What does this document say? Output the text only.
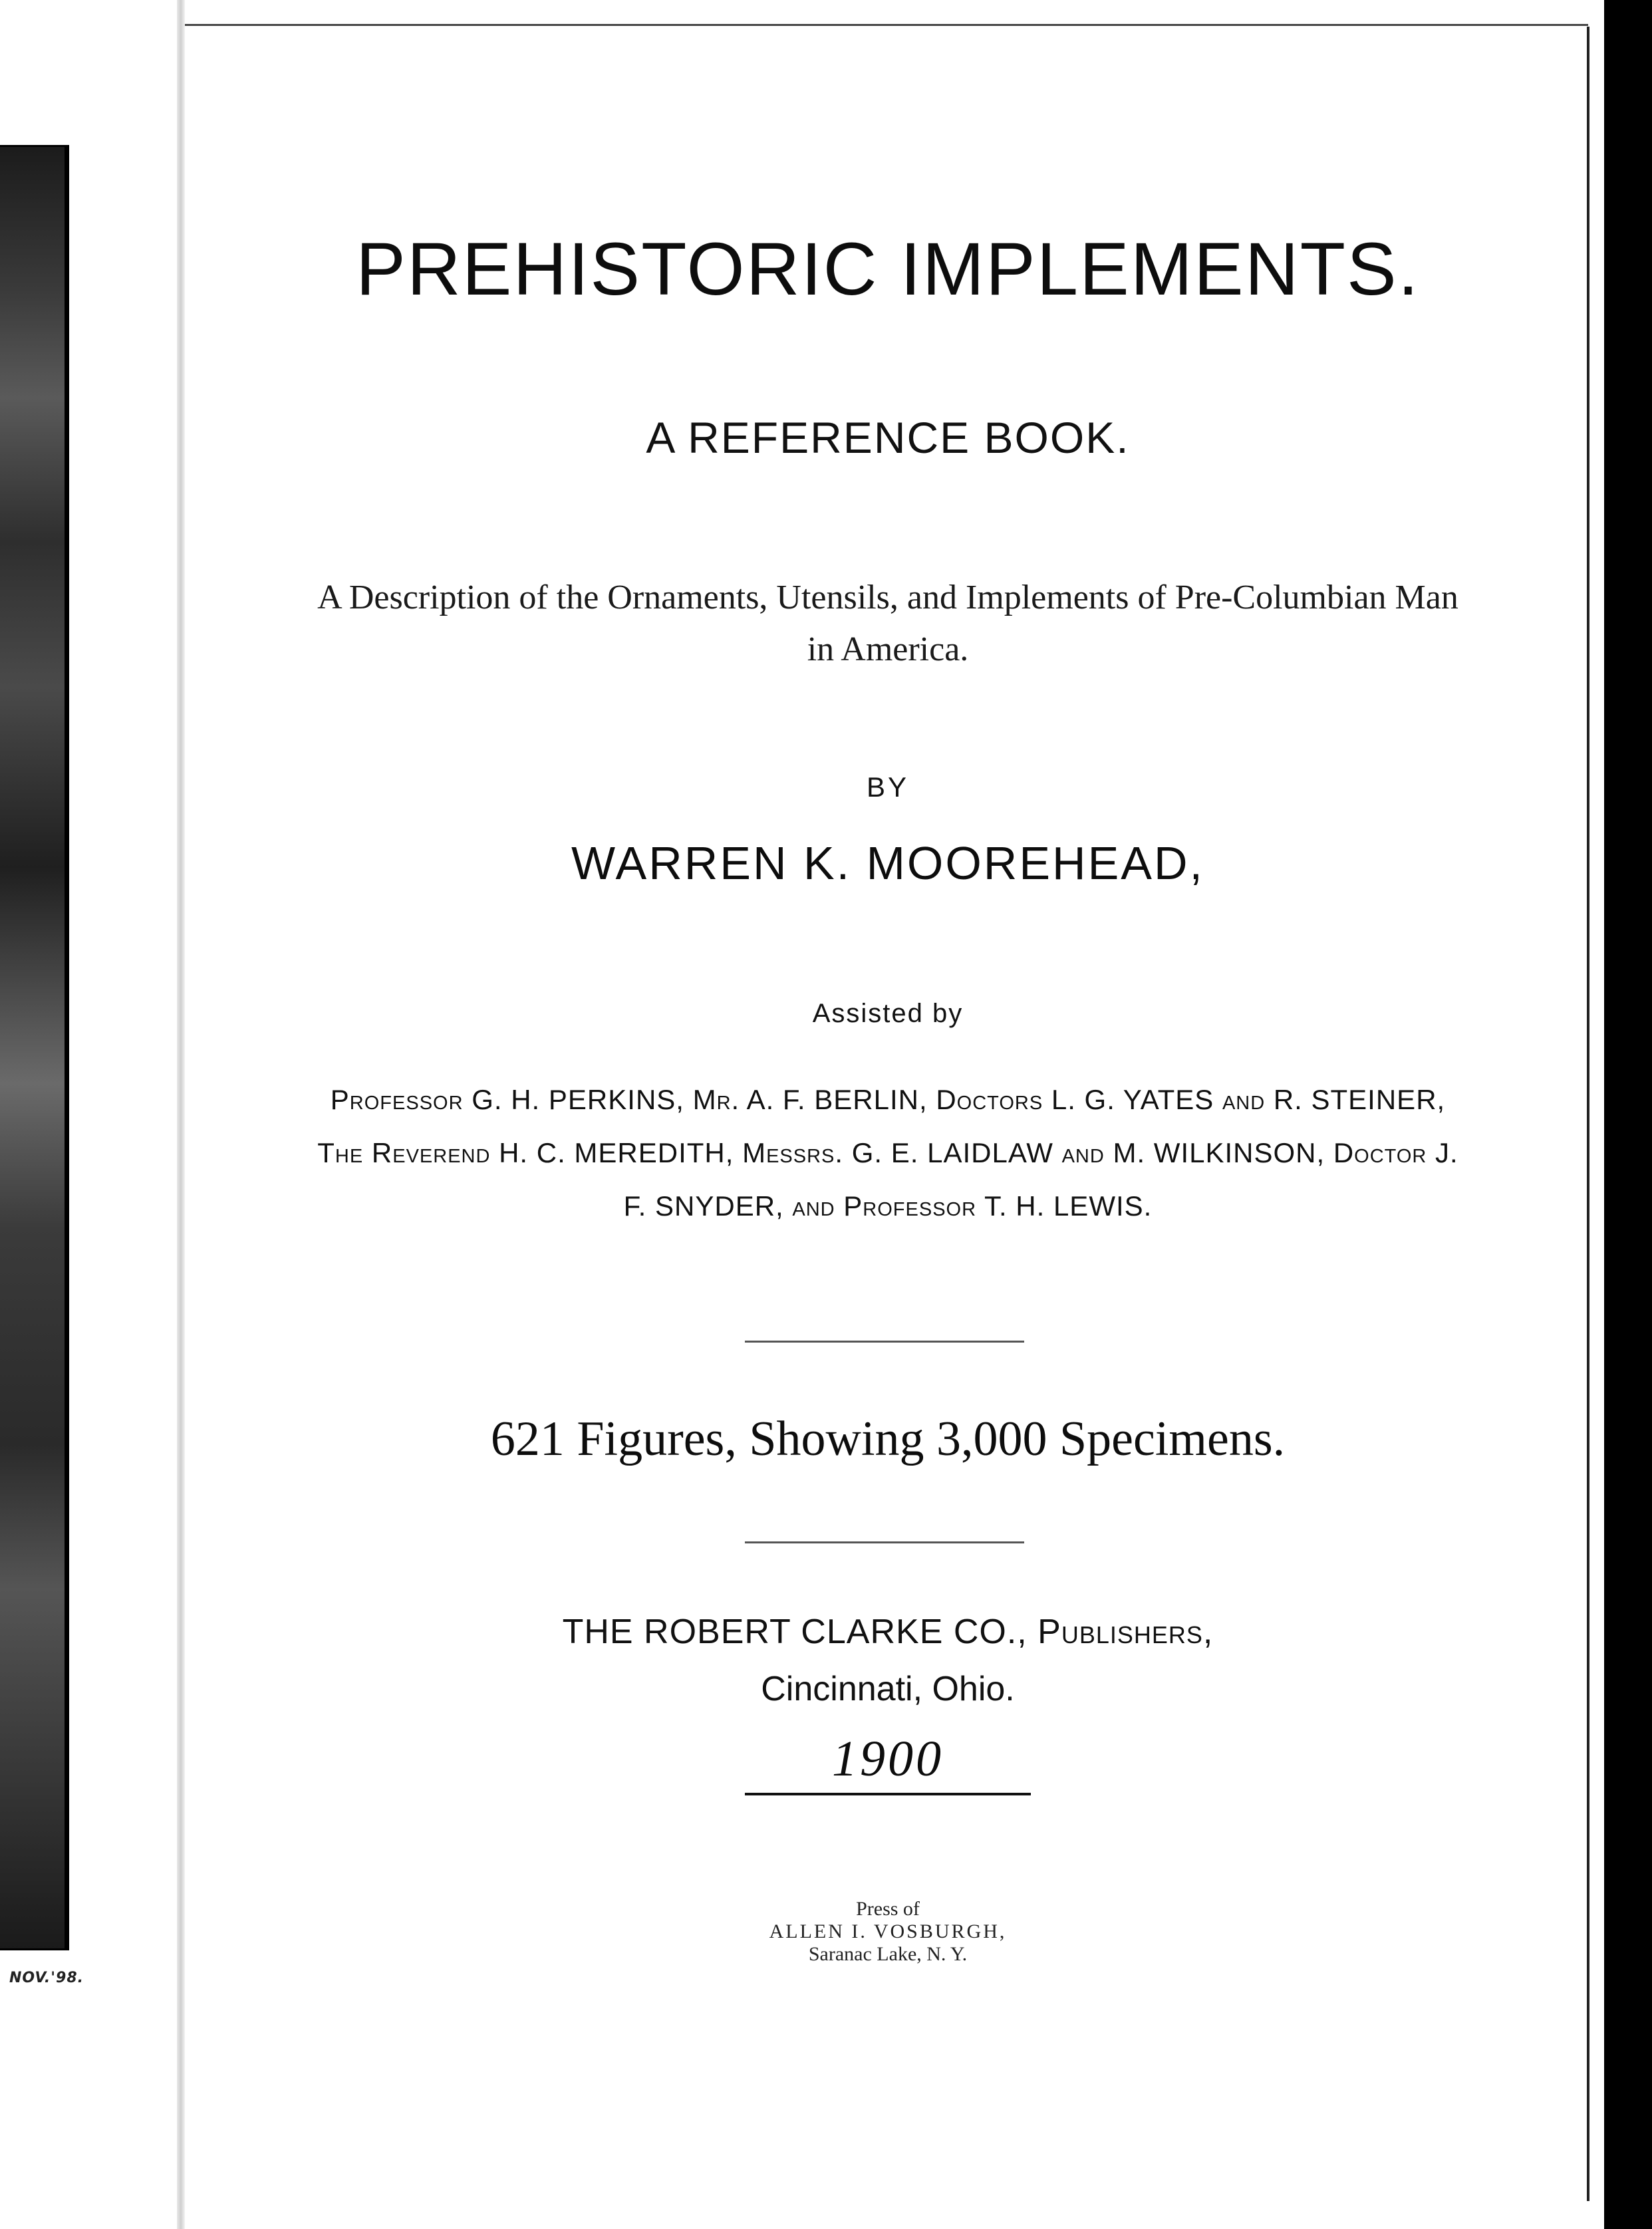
NOV.'98.
PREHISTORIC IMPLEMENTS.
A REFERENCE BOOK.
A Description of the Ornaments, Utensils, and Implements of Pre-Columbian Man in America.
BY
WARREN K. MOOREHEAD,
Assisted by
Professor G. H. PERKINS, Mr. A. F. BERLIN, Doctors L. G. YATES and R. STEINER, The Reverend H. C. MEREDITH, Messrs. G. E. LAIDLAW and M. WILKINSON, Doctor J. F. SNYDER, and Professor T. H. LEWIS.
621 Figures, Showing 3,000 Specimens.
THE ROBERT CLARKE CO., Publishers,
Cincinnati, Ohio.
1900
Press of
ALLEN I. VOSBURGH,
Saranac Lake, N. Y.
